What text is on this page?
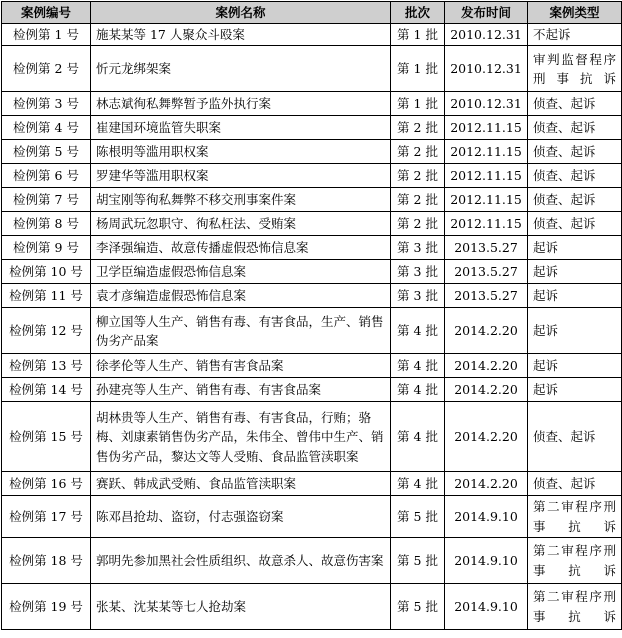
案例编号	案例名称	批次	发布时间	案例类型
检例第 1 号	施某某等 17 人聚众斗殴案	第 1 批	2010.12.31	不起诉
检例第 2 号	忻元龙绑架案	第 1 批	2010.12.31	审判监督程序刑事抗诉
检例第 3 号	林志斌徇私舞弊暂予监外执行案	第 1 批	2010.12.31	侦查、起诉
检例第 4 号	崔建国环境监管失职案	第 2 批	2012.11.15	侦查、起诉
检例第 5 号	陈根明等滥用职权案	第 2 批	2012.11.15	侦查、起诉
检例第 6 号	罗建华等滥用职权案	第 2 批	2012.11.15	侦查、起诉
检例第 7 号	胡宝刚等徇私舞弊不移交刑事案件案	第 2 批	2012.11.15	侦查、起诉
检例第 8 号	杨周武玩忽职守、徇私枉法、受贿案	第 2 批	2012.11.15	侦查、起诉
检例第 9 号	李泽强编造、故意传播虚假恐怖信息案	第 3 批	2013.5.27	起诉
检例第 10 号	卫学臣编造虚假恐怖信息案	第 3 批	2013.5.27	起诉
检例第 11 号	袁才彦编造虚假恐怖信息案	第 3 批	2013.5.27	起诉
检例第 12 号	柳立国等人生产、销售有毒、有害食品，生产、销售伪劣产品案	第 4 批	2014.2.20	起诉
检例第 13 号	徐孝伦等人生产、销售有害食品案	第 4 批	2014.2.20	起诉
检例第 14 号	孙建亮等人生产、销售有毒、有害食品案	第 4 批	2014.2.20	起诉
检例第 15 号	胡林贵等人生产、销售有毒、有害食品，行贿；骆梅、刘康素销售伪劣产品，朱伟全、曾伟中生产、销售伪劣产品，黎达文等人受贿、食品监管渎职案	第 4 批	2014.2.20	侦查、起诉
检例第 16 号	赛跃、韩成武受贿、食品监管渎职案	第 4 批	2014.2.20	侦查、起诉
检例第 17 号	陈邓昌抢劫、盗窃，付志强盗窃案	第 5 批	2014.9.10	第二审程序刑事抗诉
检例第 18 号	郭明先参加黑社会性质组织、故意杀人、故意伤害案	第 5 批	2014.9.10	第二审程序刑事抗诉
检例第 19 号	张某、沈某某等七人抢劫案	第 5 批	2014.9.10	第二审程序刑事抗诉
